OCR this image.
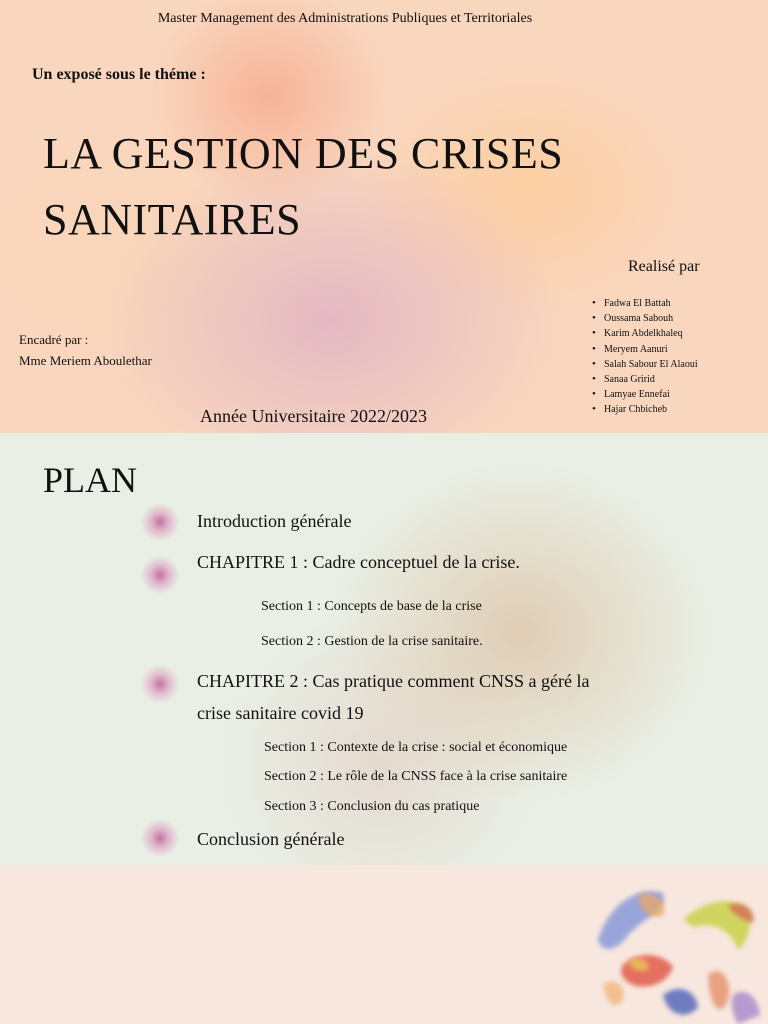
Master Management des Administrations Publiques et Territoriales
Un exposé sous le théme :
LA GESTION DES CRISES
SANITAIRES
Realisé par
• Fadwa El Battah
• Oussama Sabouh
• Karim Abdelkhaleq
• Meryem Aanuri
• Salah Sabour El Alaoui
• Sanaa Gririd
• Lamyae Ennefai
• Hajar Chbicheb
Encadré par :
Mme Meriem Aboulethar
Année Universitaire 2022/2023
PLAN
Introduction générale
CHAPITRE 1 : Cadre conceptuel de la crise.
Section 1 : Concepts de base de la crise
Section 2 : Gestion de la crise sanitaire.
CHAPITRE 2 : Cas pratique comment CNSS a géré la
crise sanitaire covid 19
Section 1 : Contexte de la crise : social et économique
Section 2 : Le rôle de la CNSS face à la crise sanitaire
Section 3 : Conclusion du cas pratique
Conclusion générale
